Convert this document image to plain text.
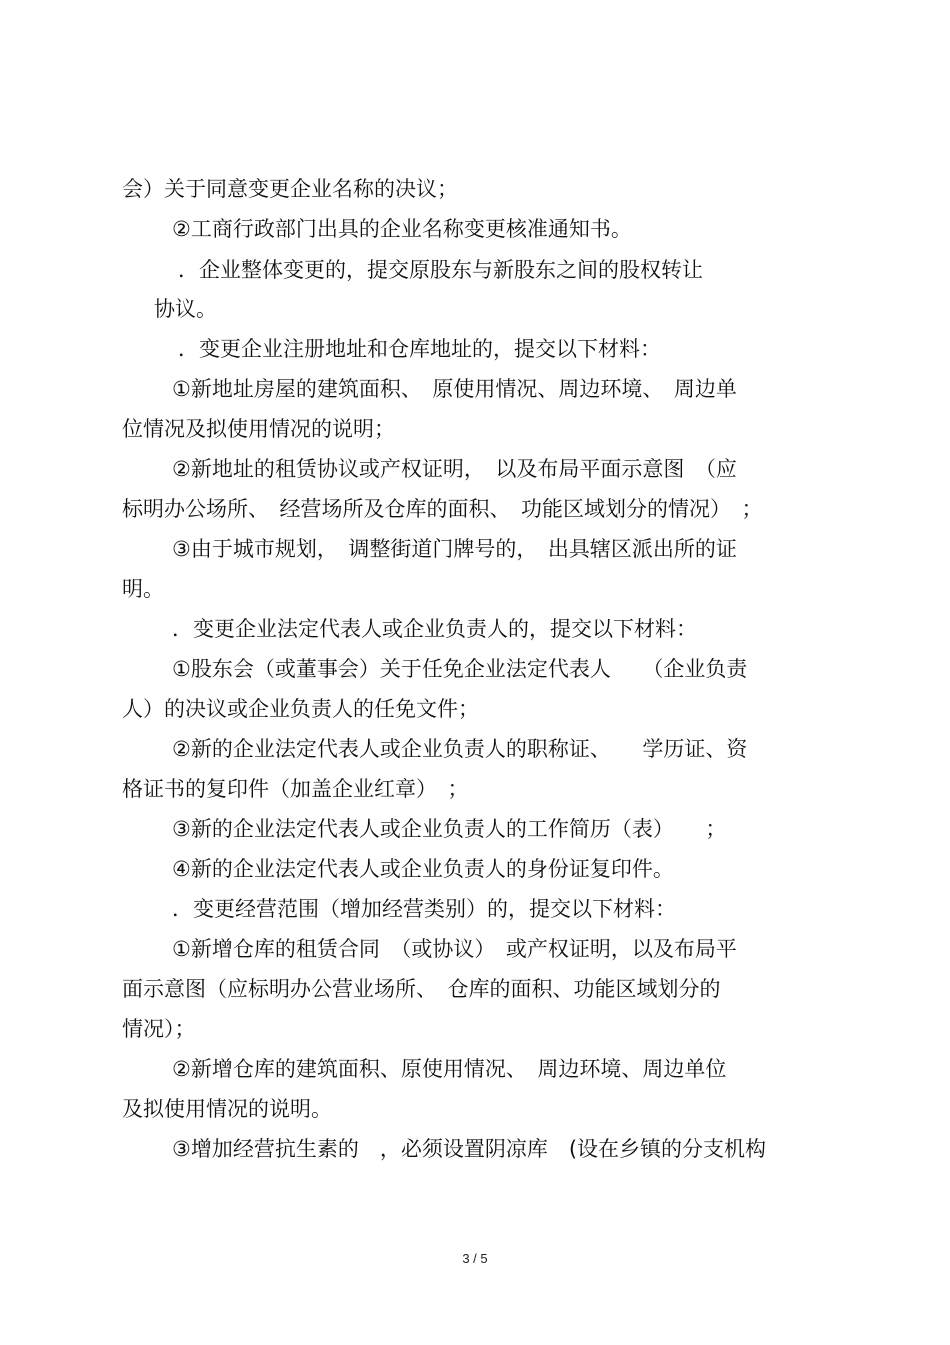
会）关于同意变更企业名称的决议；
②工商行政部门出具的企业名称变更核准通知书。
．企业整体变更的，提交原股东与新股东之间的股权转让
协议。
．变更企业注册地址和仓库地址的，提交以下材料：
①新地址房屋的建筑面积、　原使用情况、周边环境、　周边单
位情况及拟使用情况的说明；
②新地址的租赁协议或产权证明，　以及布局平面示意图　（应
标明办公场所、　经营场所及仓库的面积、　功能区域划分的情况）　；
③由于城市规划，　调整街道门牌号的，　出具辖区派出所的证
明。
．变更企业法定代表人或企业负责人的，提交以下材料：
①股东会（或董事会）关于任免企业法定代表人　　（企业负责
人）的决议或企业负责人的任免文件；
②新的企业法定代表人或企业负责人的职称证、　　学历证、资
格证书的复印件（加盖企业红章）　；
③新的企业法定代表人或企业负责人的工作简历（表）　　；
④新的企业法定代表人或企业负责人的身份证复印件。
．变更经营范围（增加经营类别）的，提交以下材料：
①新增仓库的租赁合同　（或协议）　或产权证明，以及布局平
面示意图（应标明办公营业场所、　仓库的面积、功能区域划分的
情况）；
②新增仓库的建筑面积、原使用情况、　周边环境、周边单位
及拟使用情况的说明。
③增加经营抗生素的　，必须设置阴凉库　(设在乡镇的分支机构
3 / 5
